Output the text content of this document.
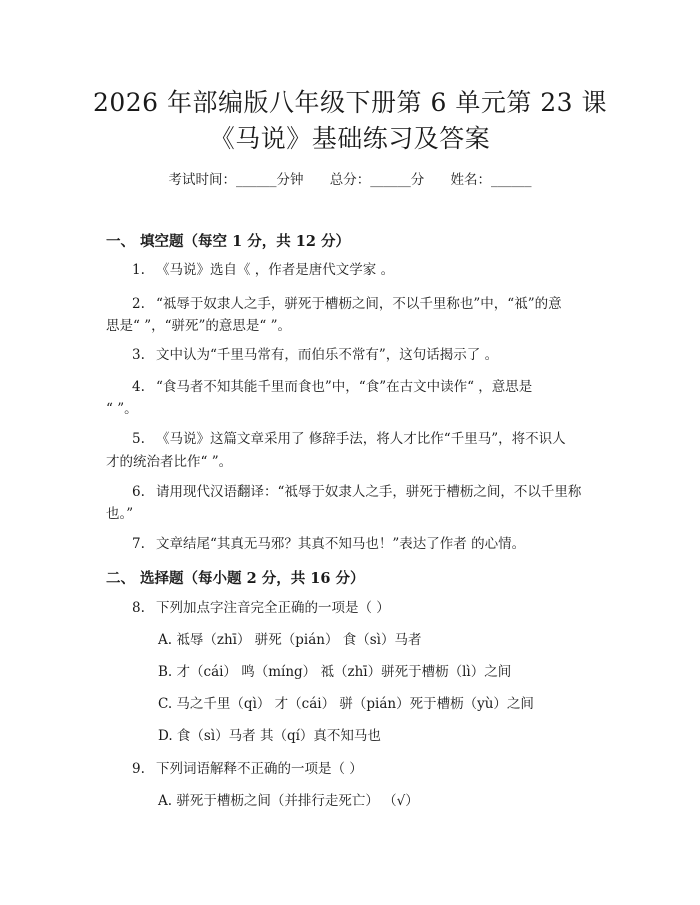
2026 年部编版八年级下册第 6 单元第 23 课
《马说》基础练习及答案
考试时间：______分钟 总分：______分 姓名：______
一、 填空题（每空 1 分，共 12 分）
1. 《马说》选自《 ，作者是唐代文学家 。
2. “祗辱于奴隶人之手，骈死于槽枥之间，不以千里称也”中，“祗”的意
思是“ ”，“骈死”的意思是“ ”。
3. 文中认为“千里马常有，而伯乐不常有”，这句话揭示了 。
4. “食马者不知其能千里而食也”中，“食”在古文中读作“ ，意思是
“ ”。
5. 《马说》这篇文章采用了 修辞手法，将人才比作“千里马”，将不识人
才的统治者比作“ ”。
6. 请用现代汉语翻译：“祗辱于奴隶人之手，骈死于槽枥之间，不以千里称
也。”
7. 文章结尾“其真无马邪？其真不知马也！”表达了作者 的心情。
二、 选择题（每小题 2 分，共 16 分）
8. 下列加点字注音完全正确的一项是（ ）
A. 祗辱（zhī） 骈死（pián） 食（sì）马者
B. 才（cái） 鸣（míng） 祗（zhī）骈死于槽枥（lì）之间
C. 马之千里（qì） 才（cái） 骈（pián）死于槽枥（yù）之间
D. 食（sì）马者 其（qí）真不知马也
9. 下列词语解释不正确的一项是（ ）
A. 骈死于槽枥之间（并排行走死亡） （√）
